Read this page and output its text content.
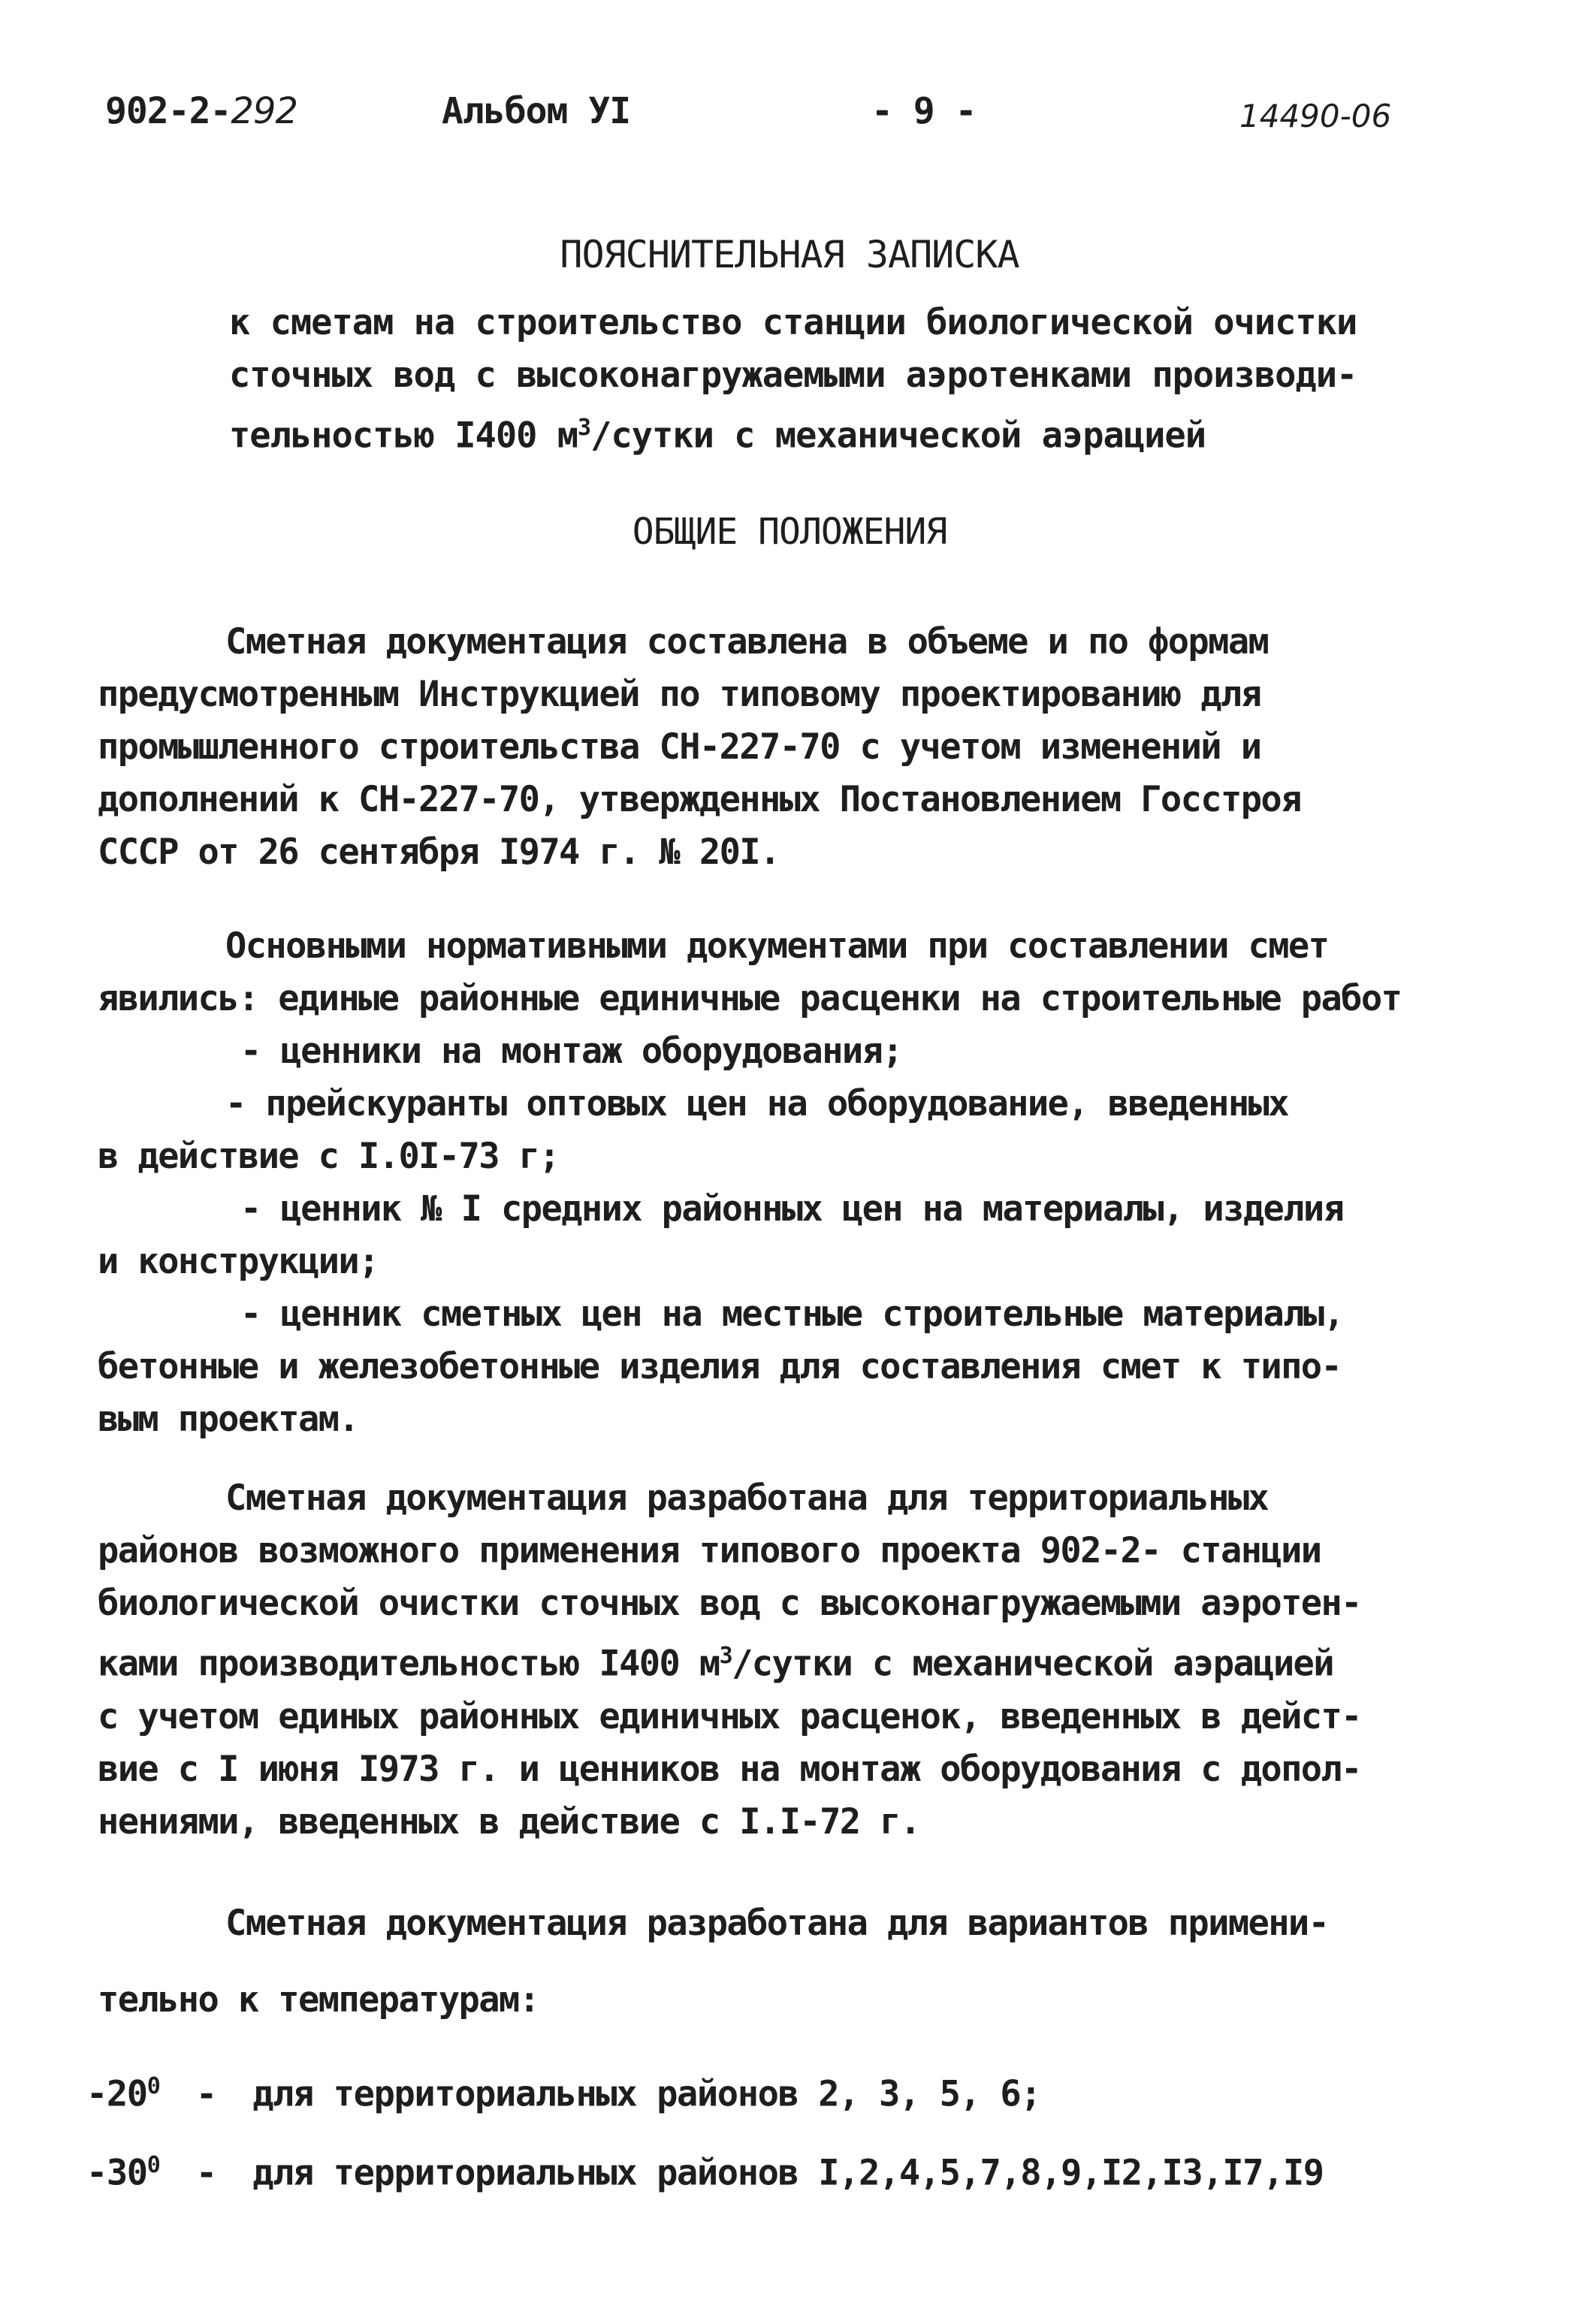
902-2-292	Альбом УІ	- 9 -	14490-06
ПОЯСНИТЕЛЬНАЯ ЗАПИСКА
к сметам на строительство станции биологической очистки
сточных вод с высоконагружаемыми аэротенками производи-
тельностью І400 $м^3$/сутки с механической аэрацией
ОБЩИЕ ПОЛОЖЕНИЯ
Сметная документация составлена в объеме и по формам
предусмотренным Инструкцией по типовому проектированию для
промышленного строительства СН-227-70 с учетом изменений и
дополнений к СН-227-70, утвержденных Постановлением Госстроя
СССР от 26 сентября І974 г. № 20І.
Основными нормативными документами при составлении смет
явились: единые районные единичные расценки на строительные работ
- ценники на монтаж оборудования;
- прейскуранты оптовых цен на оборудование, введенных
в действие с І.0І-73 г;
- ценник № І средних районных цен на материалы, изделия
и конструкции;
- ценник сметных цен на местные строительные материалы,
бетонные и железобетонные изделия для составления смет к типо-
вым проектам.
Сметная документация разработана для территориальных
районов возможного применения типового проекта 902-2- станции
биологической очистки сточных вод с высоконагружаемыми аэротен-
ками производительностью І400 $м^3$/сутки с механической аэрацией
с учетом единых районных единичных расценок, введенных в дейст-
вие с І июня І973 г. и ценников на монтаж оборудования с допол-
нениями, введенных в действие с І.І-72 г.
Сметная документация разработана для вариантов примени-
тельно к температурам:
$-20^0$ - для территориальных районов 2, 3, 5, 6;
$-30^0$ - для территориальных районов І,2,4,5,7,8,9,І2,І3,І7,І9
